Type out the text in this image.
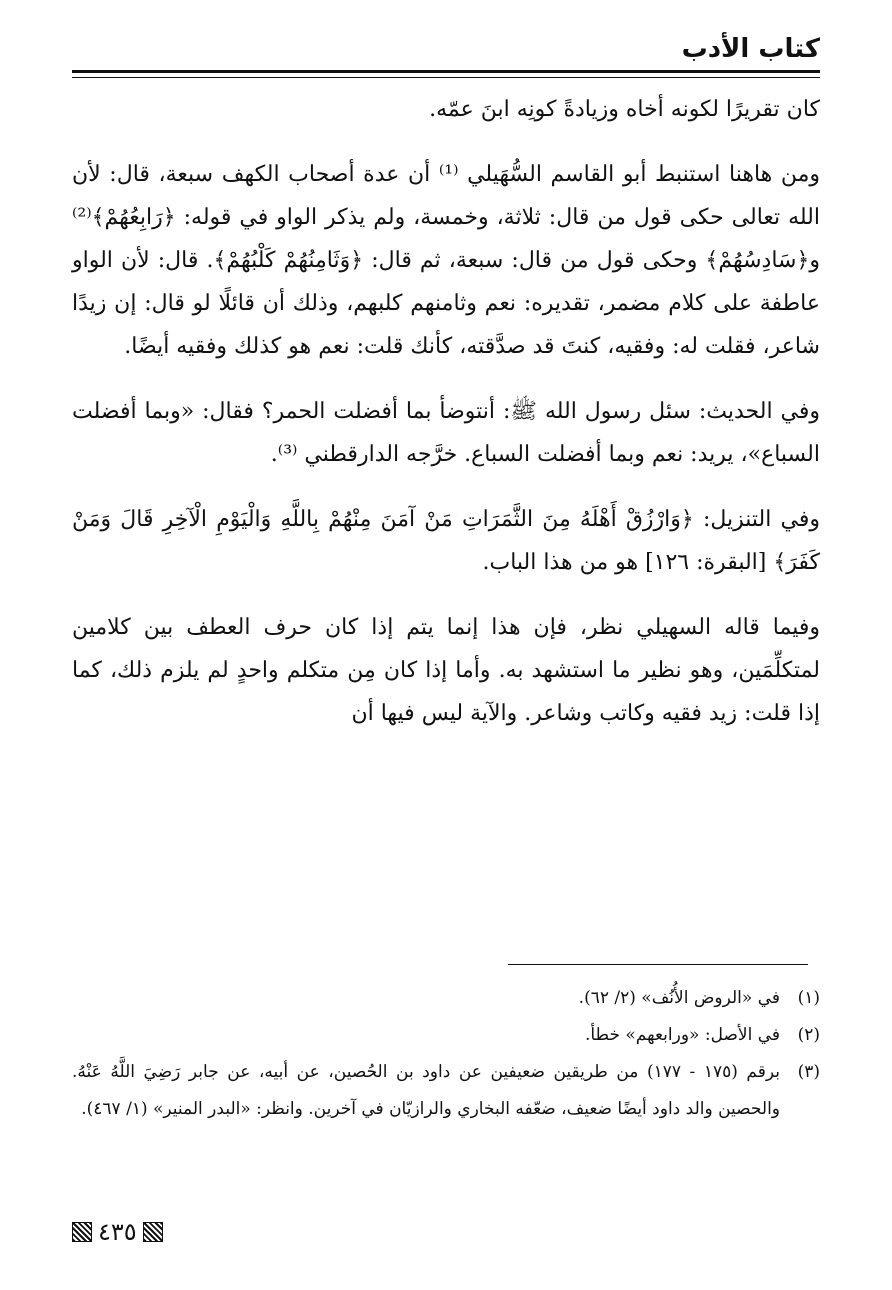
كتاب الأدب

كان تقريرًا لكونه أخاه وزيادةً كونِه ابنَ عمّه.

ومن هاهنا استنبط أبو القاسم السُّهَيلي ⁽¹⁾ أن عدة أصحاب الكهف سبعة، قال: لأن الله تعالى حكى قول من قال: ثلاثة، وخمسة، ولم يذكر الواو في قوله: ﴿رَابِعُهُمْ﴾⁽²⁾ و﴿سَادِسُهُمْ﴾ وحكى قول من قال: سبعة، ثم قال: ﴿وَثَامِنُهُمْ كَلْبُهُمْ﴾. قال: لأن الواو عاطفة على كلام مضمر، تقديره: نعم وثامنهم كلبهم، وذلك أن قائلًا لو قال: إن زيدًا شاعر، فقلت له: وفقيه، كنتَ قد صدَّقته، كأنك قلت: نعم هو كذلك وفقيه أيضًا.

وفي الحديث: سئل رسول الله ﷺ: أنتوضأ بما أفضلت الحمر؟ فقال: «وبما أفضلت السباع»، يريد: نعم وبما أفضلت السباع. خرَّجه الدارقطني ⁽³⁾.

وفي التنزيل: ﴿وَارْزُقْ أَهْلَهُ مِنَ الثَّمَرَاتِ مَنْ آمَنَ مِنْهُمْ بِاللَّهِ وَالْيَوْمِ الْآخِرِ قَالَ وَمَنْ كَفَرَ﴾ [البقرة: ١٢٦] هو من هذا الباب.

وفيما قاله السهيلي نظر، فإن هذا إنما يتم إذا كان حرف العطف بين كلامين لمتكلِّمَين، وهو نظير ما استشهد به. وأما إذا كان مِن متكلم واحدٍ لم يلزم ذلك، كما إذا قلت: زيد فقيه وكاتب وشاعر. والآية ليس فيها أن

(١)
في «الروض الأُنُف» (٢/ ٦٢).
(٢)
في الأصل: «ورابعهم» خطأ.
(٣)
برقم (١٧٥ - ١٧٧) من طريقين ضعيفين عن داود بن الحُصين، عن أبيه، عن جابر رَضِيَ اللَّهُ عَنْهُ. والحصين والد داود أيضًا ضعيف، ضعّفه البخاري والرازيّان في آخرين. وانظر: «البدر المنير» (١/ ٤٦٧).
٤٣٥
